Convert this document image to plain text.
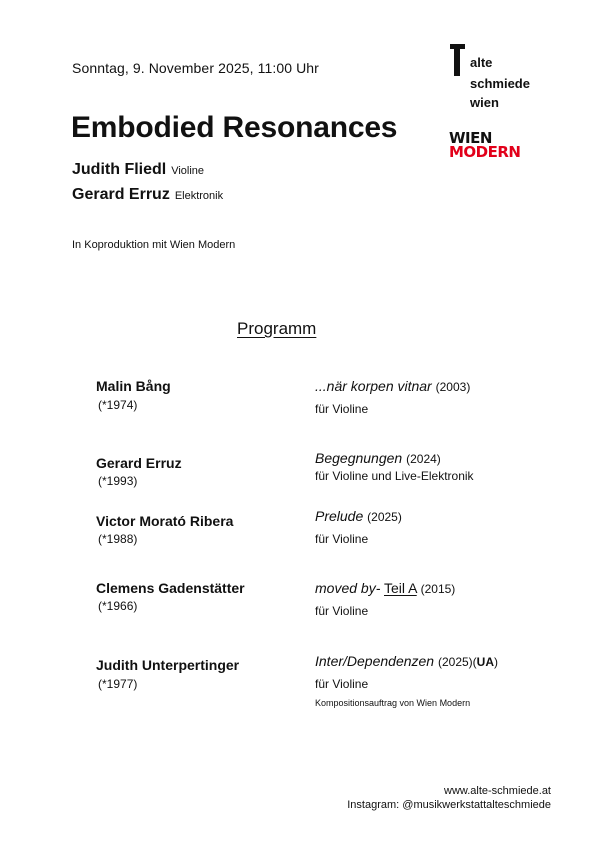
Sonntag, 9. November 2025, 11:00 Uhr
Embodied Resonances
Judith Fliedl Violine
Gerard Erruz Elektronik
In Koproduktion mit Wien Modern
alte
schmiede
wien
WIEN
MODERN
Programm
Malin Bång
(*1974)
...när korpen vitnar (2003)
für Violine
Gerard Erruz
(*1993)
Begegnungen (2024)
für Violine und Live-Elektronik
Victor Morató Ribera
(*1988)
Prelude (2025)
für Violine
Clemens Gadenstätter
(*1966)
moved by- Teil A (2015)
für Violine
Judith Unterpertinger
(*1977)
Inter/Dependenzen (2025)(UA)
für Violine
Kompositionsauftrag von Wien Modern
www.alte-schmiede.at
Instagram: @musikwerkstattalteschmiede
